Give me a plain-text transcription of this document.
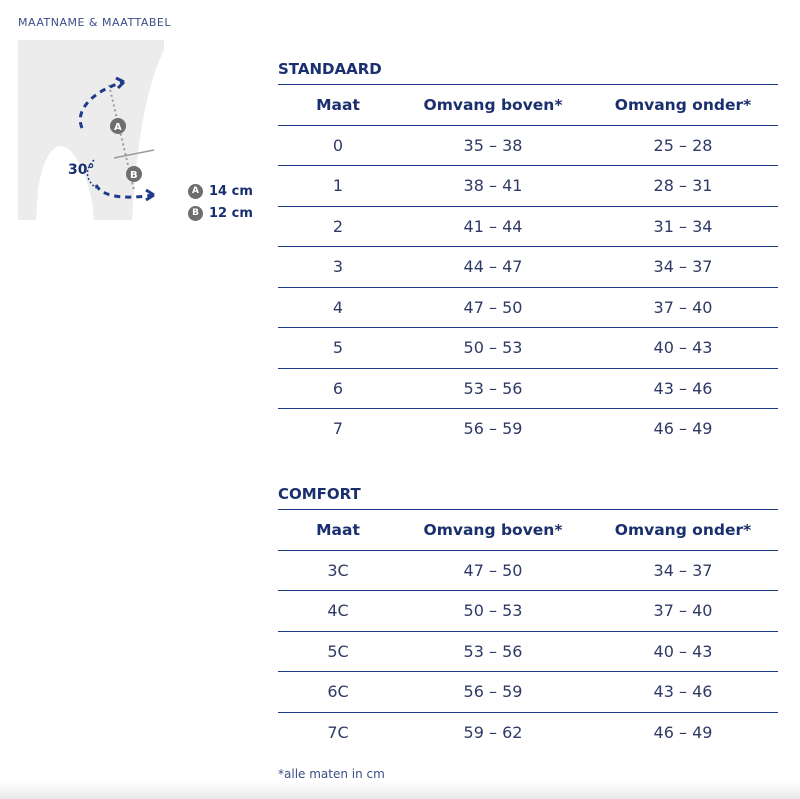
MAATNAME & MAATTABEL
30°
A
B
A 14 cm
B 12 cm
STANDAARD
Maat	Omvang boven*	Omvang onder*
0	35 – 38	25 – 28
1	38 – 41	28 – 31
2	41 – 44	31 – 34
3	44 – 47	34 – 37
4	47 – 50	37 – 40
5	50 – 53	40 – 43
6	53 – 56	43 – 46
7	56 – 59	46 – 49
COMFORT
Maat	Omvang boven*	Omvang onder*
3C	47 – 50	34 – 37
4C	50 – 53	37 – 40
5C	53 – 56	40 – 43
6C	56 – 59	43 – 46
7C	59 – 62	46 – 49
*alle maten in cm
